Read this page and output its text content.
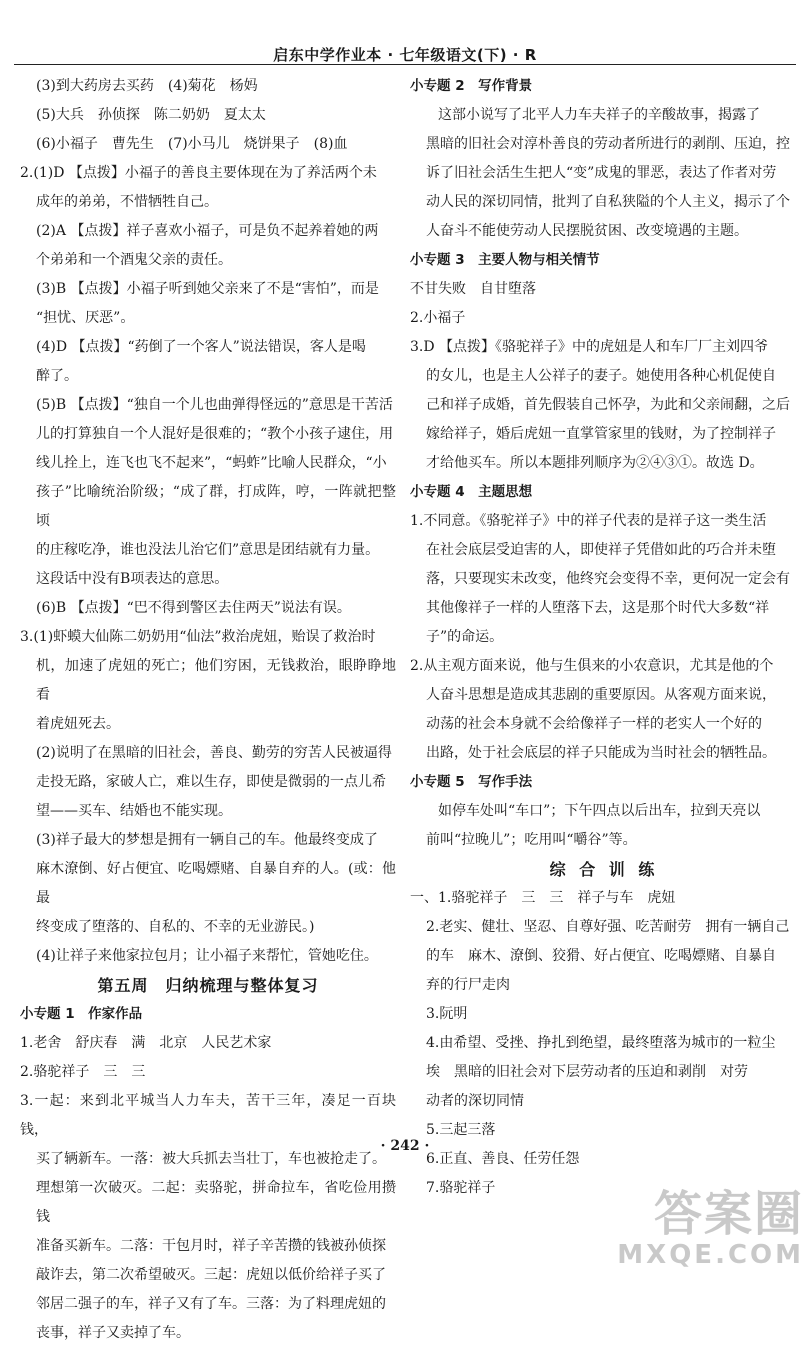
启东中学作业本 · 七年级语文(下) · R

(3)到大药房去买药　(4)菊花　杨妈

(5)大兵　孙侦探　陈二奶奶　夏太太

(6)小福子　曹先生　(7)小马儿　烧饼果子　(8)血

2.(1)D 【点拨】小福子的善良主要体现在为了养活两个未

成年的弟弟，不惜牺牲自己。

(2)A 【点拨】祥子喜欢小福子，可是负不起养着她的两

个弟弟和一个酒鬼父亲的责任。

(3)B 【点拨】小福子听到她父亲来了不是“害怕”，而是

“担忧、厌恶”。

(4)D 【点拨】“药倒了一个客人”说法错误，客人是喝

醉了。

(5)B 【点拨】“独自一个儿也曲弹得怪远的”意思是干苦活

儿的打算独自一个人混好是很难的；“教个小孩子逮住，用

线儿拴上，连飞也飞不起来”，“蚂蚱”比喻人民群众，“小

孩子”比喻统治阶级；“成了群，打成阵，哼，一阵就把整顷

的庄稼吃净，谁也没法儿治它们”意思是团结就有力量。

这段话中没有B项表达的意思。

(6)B 【点拨】“巴不得到警区去住两天”说法有误。

3.(1)虾蟆大仙陈二奶奶用“仙法”救治虎妞，贻误了救治时

机，加速了虎妞的死亡；他们穷困，无钱救治，眼睁睁地看

着虎妞死去。

(2)说明了在黑暗的旧社会，善良、勤劳的穷苦人民被逼得

走投无路，家破人亡，难以生存，即使是微弱的一点儿希

望——买车、结婚也不能实现。

(3)祥子最大的梦想是拥有一辆自己的车。他最终变成了

麻木潦倒、好占便宜、吃喝嫖赌、自暴自弃的人。(或：他最

终变成了堕落的、自私的、不幸的无业游民。)

(4)让祥子来他家拉包月；让小福子来帮忙，管她吃住。

第五周　归纳梳理与整体复习

小专题 1　作家作品

1.老舍　舒庆春　满　北京　人民艺术家

2.骆驼祥子　三　三

3.一起：来到北平城当人力车夫，苦干三年，凑足一百块钱，

买了辆新车。一落：被大兵抓去当壮丁，车也被抢走了。

理想第一次破灭。二起：卖骆驼，拼命拉车，省吃俭用攒钱

准备买新车。二落：干包月时，祥子辛苦攒的钱被孙侦探

敲诈去，第二次希望破灭。三起：虎妞以低价给祥子买了

邻居二强子的车，祥子又有了车。三落：为了料理虎妞的

丧事，祥子又卖掉了车。

小专题 2　写作背景

这部小说写了北平人力车夫祥子的辛酸故事，揭露了

黑暗的旧社会对淳朴善良的劳动者所进行的剥削、压迫，控

诉了旧社会活生生把人“变”成鬼的罪恶，表达了作者对劳

动人民的深切同情，批判了自私狭隘的个人主义，揭示了个

人奋斗不能使劳动人民摆脱贫困、改变境遇的主题。

小专题 3　主要人物与相关情节

不甘失败　自甘堕落

2.小福子

3.D 【点拨】《骆驼祥子》中的虎妞是人和车厂厂主刘四爷

的女儿，也是主人公祥子的妻子。她使用各种心机促使自

己和祥子成婚，首先假装自己怀孕，为此和父亲闹翻，之后

嫁给祥子，婚后虎妞一直掌管家里的钱财，为了控制祥子

才给他买车。所以本题排列顺序为②④③①。故选 D。

小专题 4　主题思想

1.不同意。《骆驼祥子》中的祥子代表的是祥子这一类生活

在社会底层受迫害的人，即使祥子凭借如此的巧合并未堕

落，只要现实未改变，他终究会变得不幸，更何况一定会有

其他像祥子一样的人堕落下去，这是那个时代大多数“祥

子”的命运。

2.从主观方面来说，他与生俱来的小农意识，尤其是他的个

人奋斗思想是造成其悲剧的重要原因。从客观方面来说，

动荡的社会本身就不会给像祥子一样的老实人一个好的

出路，处于社会底层的祥子只能成为当时社会的牺牲品。

小专题 5　写作手法

如停车处叫“车口”；下午四点以后出车，拉到天亮以

前叫“拉晚儿”；吃用叫“嚼谷”等。

综 合 训 练

一、1.骆驼祥子　三　三　祥子与车　虎妞

2.老实、健壮、坚忍、自尊好强、吃苦耐劳　拥有一辆自己

的车　麻木、潦倒、狡猾、好占便宜、吃喝嫖赌、自暴自

弃的行尸走肉

3.阮明

4.由希望、受挫、挣扎到绝望，最终堕落为城市的一粒尘

埃　黑暗的旧社会对下层劳动者的压迫和剥削　对劳

动者的深切同情

5.三起三落

6.正直、善良、任劳任怨

7.骆驼祥子

· 242 ·
答案圈
MXQE.COM
